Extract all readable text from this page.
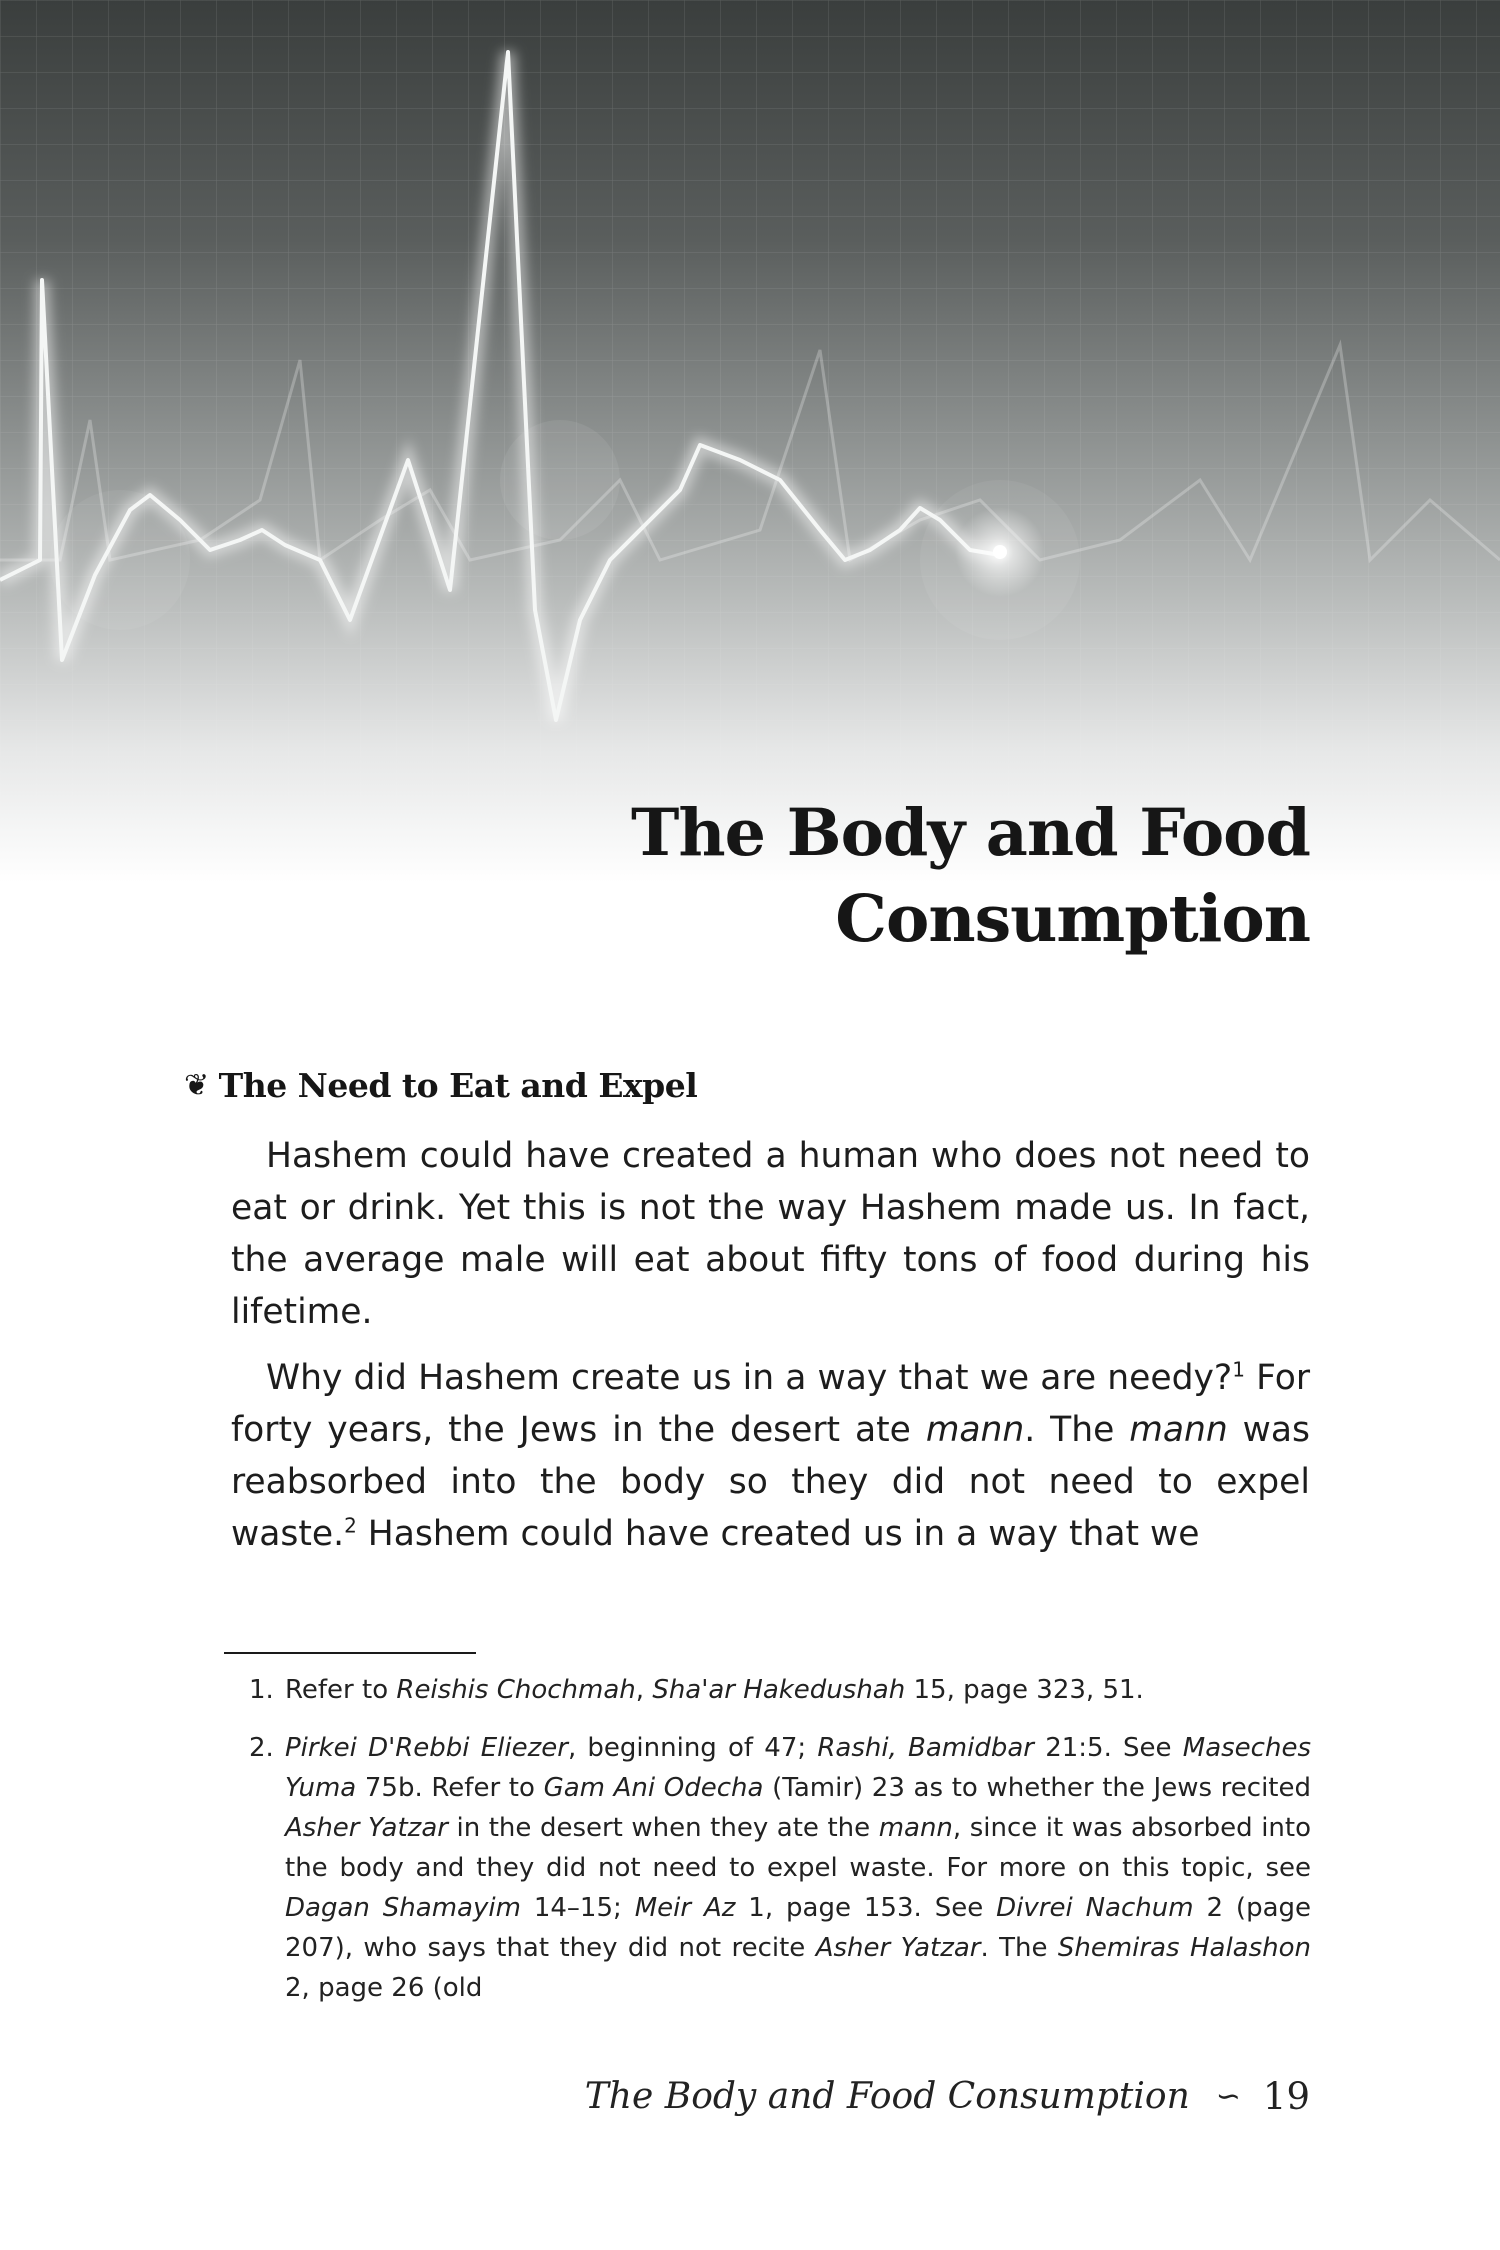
The Body and Food
Consumption
❦ The Need to Eat and Expel

Hashem could have created a human who does not need to eat or drink. Yet this is not the way Hashem made us. In fact, the average male will eat about fifty tons of food during his lifetime.

Why did Hashem create us in a way that we are needy?$^1$ For forty years, the Jews in the desert ate mann. The mann was reabsorbed into the body so they did not need to expel waste.$^2$ Hashem could have created us in a way that we

1. Refer to Reishis Chochmah, Sha'ar Hakedushah 15, page 323, 51.

2. Pirkei D'Rebbi Eliezer, beginning of 47; Rashi, Bamidbar 21:5. See Maseches Yuma 75b. Refer to Gam Ani Odecha (Tamir) 23 as to whether the Jews recited Asher Yatzar in the desert when they ate the mann, since it was absorbed into the body and they did not need to expel waste. For more on this topic, see Dagan Shamayim 14–15; Meir Az 1, page 153. See Divrei Nachum 2 (page 207), who says that they did not recite Asher Yatzar. The Shemiras Halashon 2, page 26 (old

The Body and Food Consumption ∽ 19
